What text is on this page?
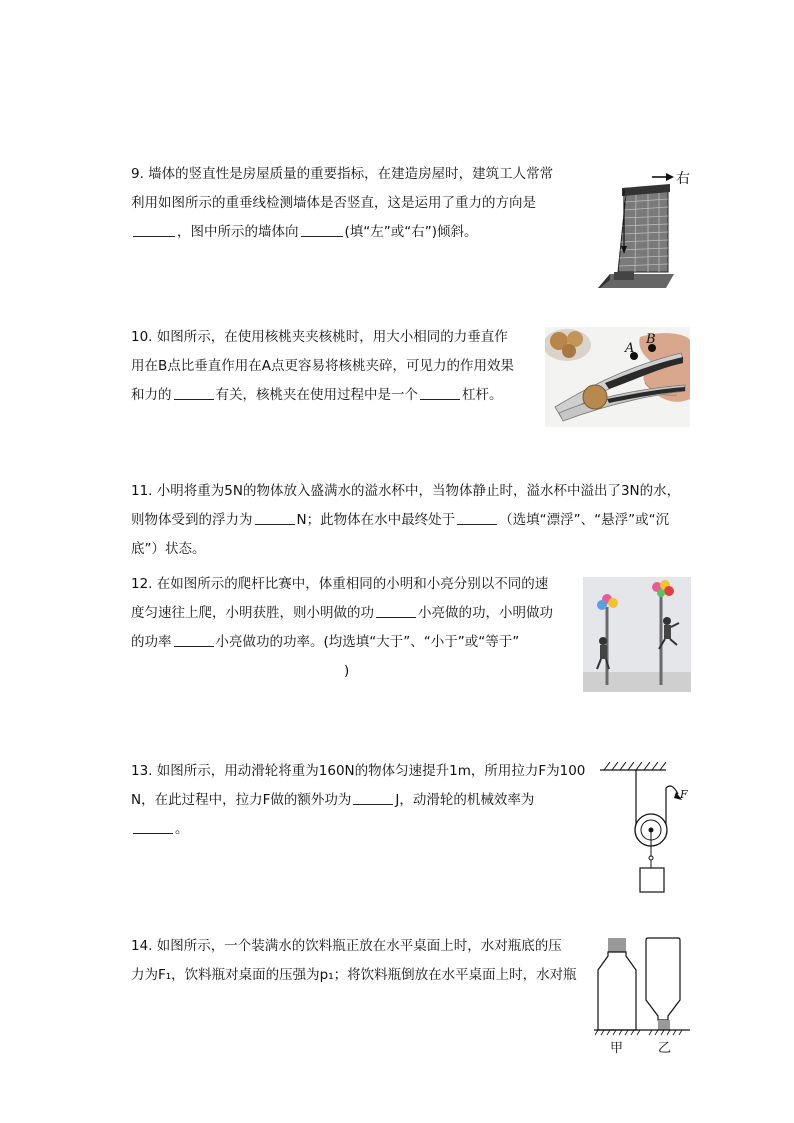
9. 墙体的竖直性是房屋质量的重要指标，在建造房屋时，建筑工人常常
利用如图所示的重垂线检测墙体是否竖直，这是运用了重力的方向是
，图中所示的墙体向	(填“左”或“右”)倾斜。
右
10. 如图所示，在使用核桃夹夹核桃时，用大小相同的力垂直作
用在B点比垂直作用在A点更容易将核桃夹碎，可见力的作用效果
和力的	有关，核桃夹在使用过程中是一个	杠杆。
A
B
11. 小明将重为5N的物体放入盛满水的溢水杯中，当物体静止时，溢水杯中溢出了3N的水，
则物体受到的浮力为	N；此物体在水中最终处于	（选填“漂浮”、“悬浮”或“沉
底”）状态。
12. 在如图所示的爬杆比赛中，体重相同的小明和小亮分别以不同的速
度匀速往上爬，小明获胜，则小明做的功	小亮做的功，小明做功
的功率	小亮做功的功率。(均选填“大于”、“小于”或“等于”
)
13. 如图所示，用动滑轮将重为160N的物体匀速提升1m，所用拉力F为100
N，在此过程中，拉力F做的额外功为	J，动滑轮的机械效率为
。
F
14. 如图所示，一个装满水的饮料瓶正放在水平桌面上时，水对瓶底的压
力为F₁，饮料瓶对桌面的压强为p₁；将饮料瓶倒放在水平桌面上时，水对瓶
甲	乙
